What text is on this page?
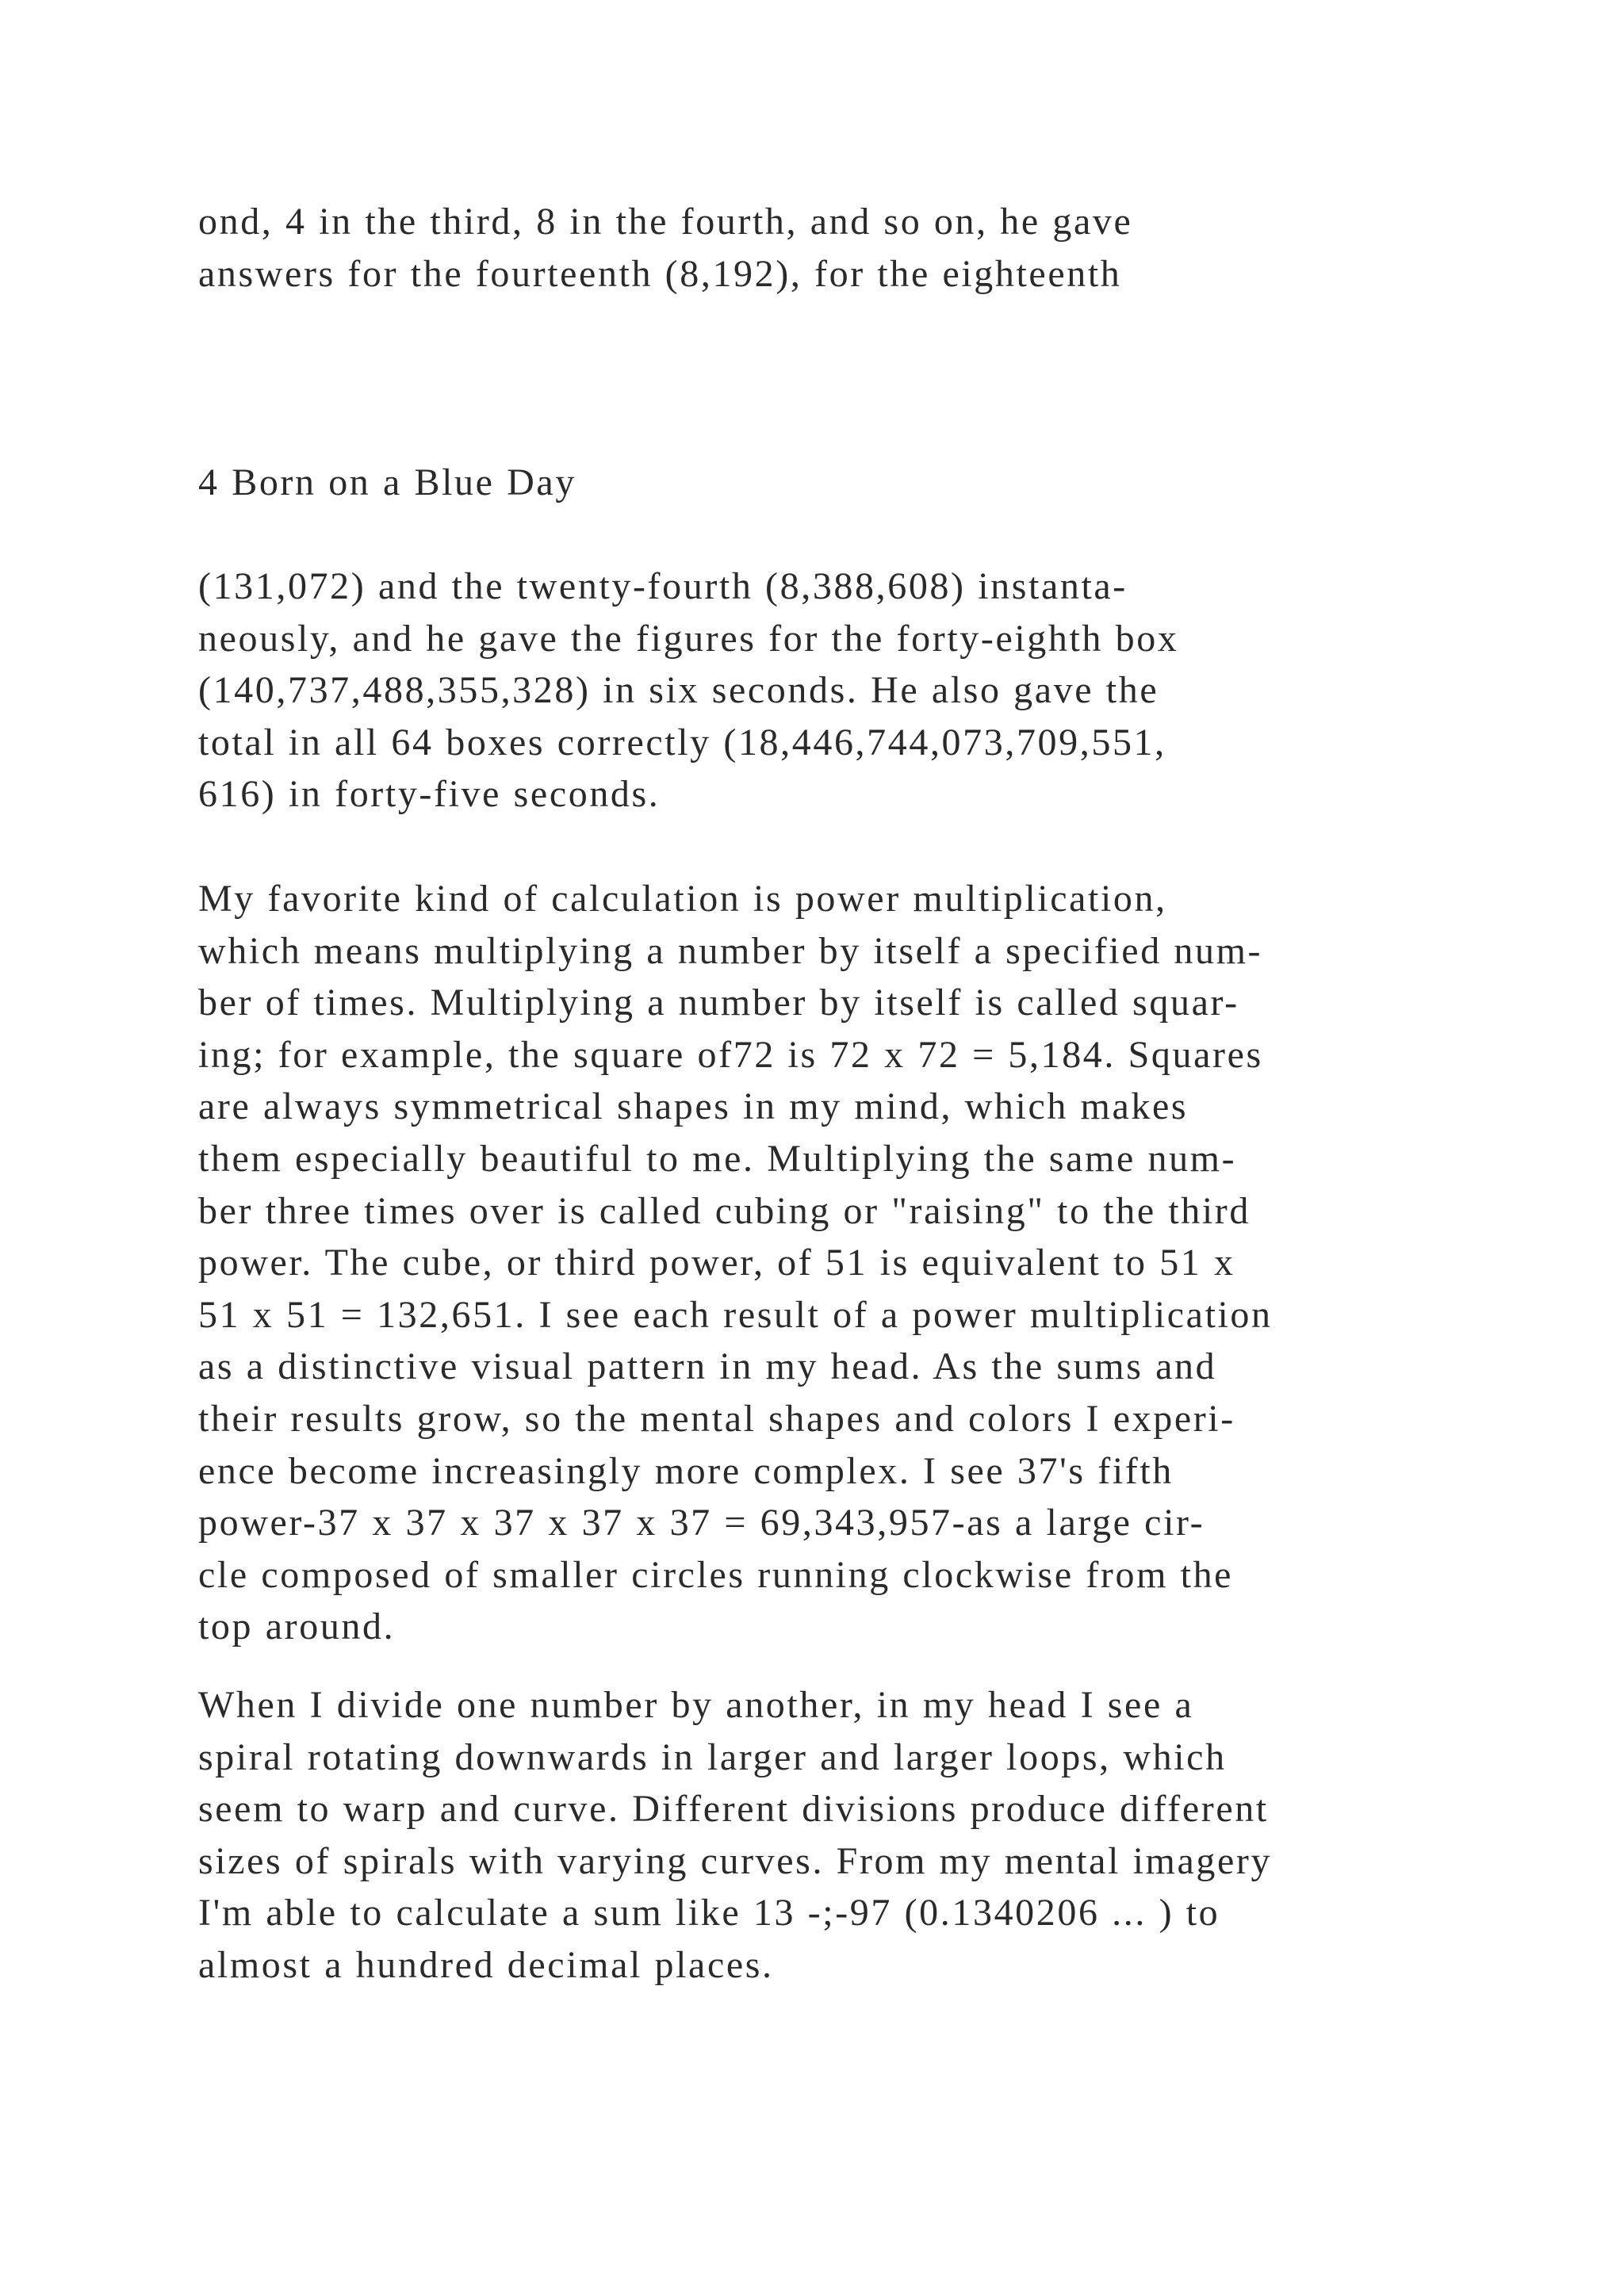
ond, 4 in the third, 8 in the fourth, and so on, he gave
answers for the fourteenth (8,192), for the eighteenth
4 Born on a Blue Day
(131,072) and the twenty-fourth (8,388,608) instanta-
neously, and he gave the figures for the forty-eighth box
(140,737,488,355,328) in six seconds. He also gave the
total in all 64 boxes correctly (18,446,744,073,709,551,
616) in forty-five seconds.
My favorite kind of calculation is power multiplication,
which means multiplying a number by itself a specified num-
ber of times. Multiplying a number by itself is called squar-
ing; for example, the square of72 is 72 x 72 = 5,184. Squares
are always symmetrical shapes in my mind, which makes
them especially beautiful to me. Multiplying the same num-
ber three times over is called cubing or "raising" to the third
power. The cube, or third power, of 51 is equivalent to 51 x
51 x 51 = 132,651. I see each result of a power multiplication
as a distinctive visual pattern in my head. As the sums and
their results grow, so the mental shapes and colors I experi-
ence become increasingly more complex. I see 37's fifth
power-37 x 37 x 37 x 37 x 37 = 69,343,957-as a large cir-
cle composed of smaller circles running clockwise from the
top around.
When I divide one number by another, in my head I see a
spiral rotating downwards in larger and larger loops, which
seem to warp and curve. Different divisions produce different
sizes of spirals with varying curves. From my mental imagery
I'm able to calculate a sum like 13 -;-97 (0.1340206 ... ) to
almost a hundred decimal places.
